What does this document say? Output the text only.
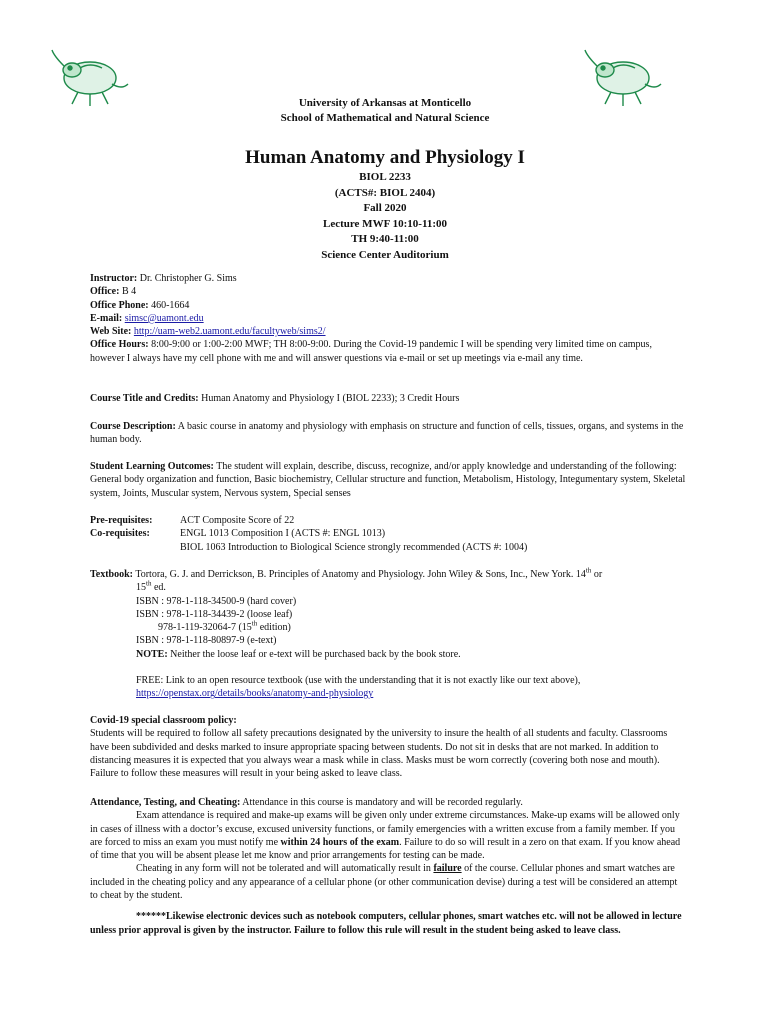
University of Arkansas at Monticello
School of Mathematical and Natural Science
Human Anatomy and Physiology I
BIOL 2233
(ACTS#: BIOL 2404)
Fall 2020
Lecture MWF 10:10-11:00
TH 9:40-11:00
Science Center Auditorium

Instructor: Dr. Christopher G. Sims

Office: B 4

Office Phone: 460-1664

E-mail: simsc@uamont.edu

Web Site: http://uam-web2.uamont.edu/facultyweb/sims2/

Office Hours: 8:00-9:00 or 1:00-2:00 MWF; TH 8:00-9:00. During the Covid-19 pandemic I will be spending very limited time on campus, however I always have my cell phone with me and will answer questions via e-mail or set up meetings via e-mail any time.

Course Title and Credits: Human Anatomy and Physiology I (BIOL 2233); 3 Credit Hours

Course Description: A basic course in anatomy and physiology with emphasis on structure and function of cells, tissues, organs, and systems in the human body.

Student Learning Outcomes: The student will explain, describe, discuss, recognize, and/or apply knowledge and understanding of the following: General body organization and function, Basic biochemistry, Cellular structure and function, Metabolism, Histology, Integumentary system, Skeletal system, Joints, Muscular system, Nervous system, Special senses

Pre-requisites:	ACT Composite Score of 22
Co-requisites:	ENGL 1013 Composition I (ACTS #: ENGL 1013)
BIOL 1063 Introduction to Biological Science strongly recommended (ACTS #: 1004)

Textbook: Tortora, G. J. and Derrickson, B. Principles of Anatomy and Physiology. John Wiley & Sons, Inc., New York. 14th or

15th ed.

ISBN : 978-1-118-34500-9 (hard cover)

ISBN : 978-1-118-34439-2 (loose leaf)

978-1-119-32064-7 (15th edition)

ISBN : 978-1-118-80897-9 (e-text)

NOTE: Neither the loose leaf or e-text will be purchased back by the book store.

FREE: Link to an open resource textbook (use with the understanding that it is not exactly like our text above),

https://openstax.org/details/books/anatomy-and-physiology

Covid-19 special classroom policy:

Students will be required to follow all safety precautions designated by the university to insure the health of all students and faculty. Classrooms have been subdivided and desks marked to insure appropriate spacing between students. Do not sit in desks that are not marked. In addition to distancing measures it is expected that you always wear a mask while in class. Masks must be worn correctly (covering both nose and mouth). Failure to follow these measures will result in your being asked to leave class.

Attendance, Testing, and Cheating: Attendance in this course is mandatory and will be recorded regularly.

Exam attendance is required and make-up exams will be given only under extreme circumstances. Make-up exams will be allowed only in cases of illness with a doctor’s excuse, excused university functions, or family emergencies with a written excuse from a family member. If you are forced to miss an exam you must notify me within 24 hours of the exam. Failure to do so will result in a zero on that exam. If you know ahead of time that you will be absent please let me know and prior arrangements for testing can be made.

Cheating in any form will not be tolerated and will automatically result in failure of the course. Cellular phones and smart watches are included in the cheating policy and any appearance of a cellular phone (or other communication devise) during a test will be considered an attempt to cheat by the student.

******Likewise electronic devices such as notebook computers, cellular phones, smart watches etc. will not be allowed in lecture unless prior approval is given by the instructor. Failure to follow this rule will result in the student being asked to leave class.
